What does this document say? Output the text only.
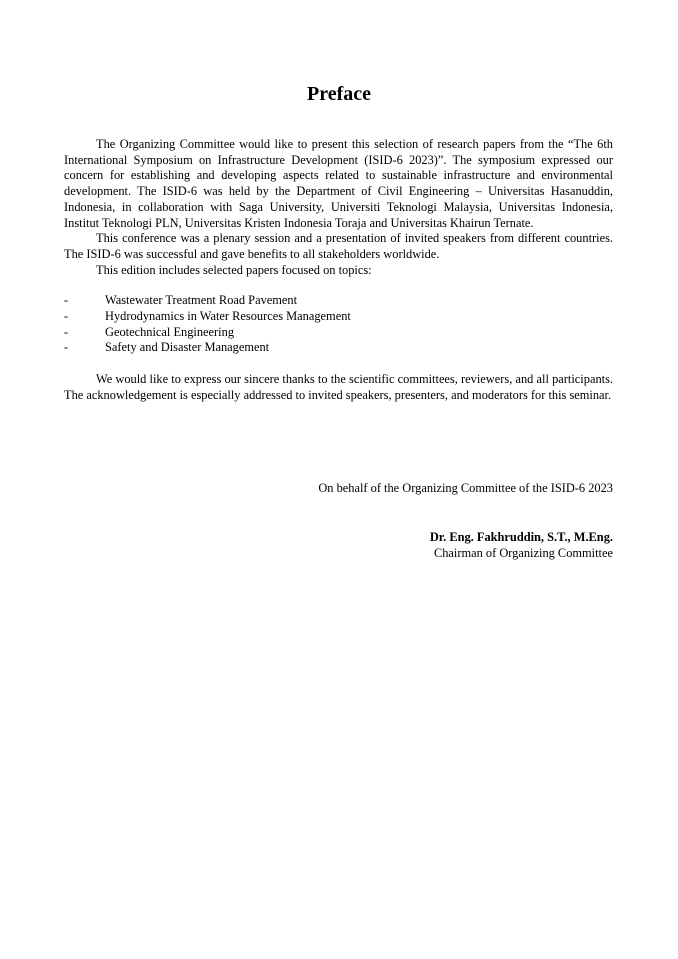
Preface

The Organizing Committee would like to present this selection of research papers from the “The 6th International Symposium on Infrastructure Development (ISID-6 2023)”. The symposium expressed our concern for establishing and developing aspects related to sustainable infrastructure and environmental development. The ISID-6 was held by the Department of Civil Engineering – Universitas Hasanuddin, Indonesia, in collaboration with Saga University, Universiti Teknologi Malaysia, Universitas Indonesia, Institut Teknologi PLN, Universitas Kristen Indonesia Toraja and Universitas Khairun Ternate.

This conference was a plenary session and a presentation of invited speakers from different countries. The ISID-6 was successful and gave benefits to all stakeholders worldwide.

This edition includes selected papers focused on topics:

-	Wastewater Treatment Road Pavement
-	Hydrodynamics in Water Resources Management
-	Geotechnical Engineering
-	Safety and Disaster Management

We would like to express our sincere thanks to the scientific committees, reviewers, and all participants. The acknowledgement is especially addressed to invited speakers, presenters, and moderators for this seminar.

On behalf of the Organizing Committee of the ISID-6 2023
Dr. Eng. Fakhruddin, S.T., M.Eng.
Chairman of Organizing Committee
